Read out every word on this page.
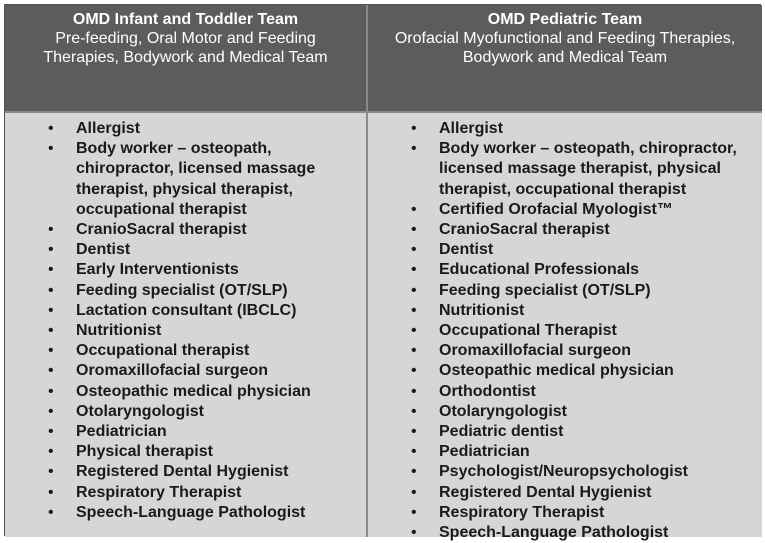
OMD Infant and Toddler Team
Pre-feeding, Oral Motor and Feeding Therapies, Bodywork and Medical Team
OMD Pediatric Team
Orofacial Myofunctional and Feeding Therapies, Bodywork and Medical Team
• Allergist
• Body worker – osteopath, chiropractor, licensed massage therapist, physical therapist, occupational therapist
• CranioSacral therapist
• Dentist
• Early Interventionists
• Feeding specialist (OT/SLP)
• Lactation consultant (IBCLC)
• Nutritionist
• Occupational therapist
• Oromaxillofacial surgeon
• Osteopathic medical physician
• Otolaryngologist
• Pediatrician
• Physical therapist
• Registered Dental Hygienist
• Respiratory Therapist
• Speech-Language Pathologist
• Allergist
• Body worker – osteopath, chiropractor, licensed massage therapist, physical therapist, occupational therapist
• Certified Orofacial Myologist™
• CranioSacral therapist
• Dentist
• Educational Professionals
• Feeding specialist (OT/SLP)
• Nutritionist
• Occupational Therapist
• Oromaxillofacial surgeon
• Osteopathic medical physician
• Orthodontist
• Otolaryngologist
• Pediatric dentist
• Pediatrician
• Psychologist/Neuropsychologist
• Registered Dental Hygienist
• Respiratory Therapist
• Speech-Language Pathologist
